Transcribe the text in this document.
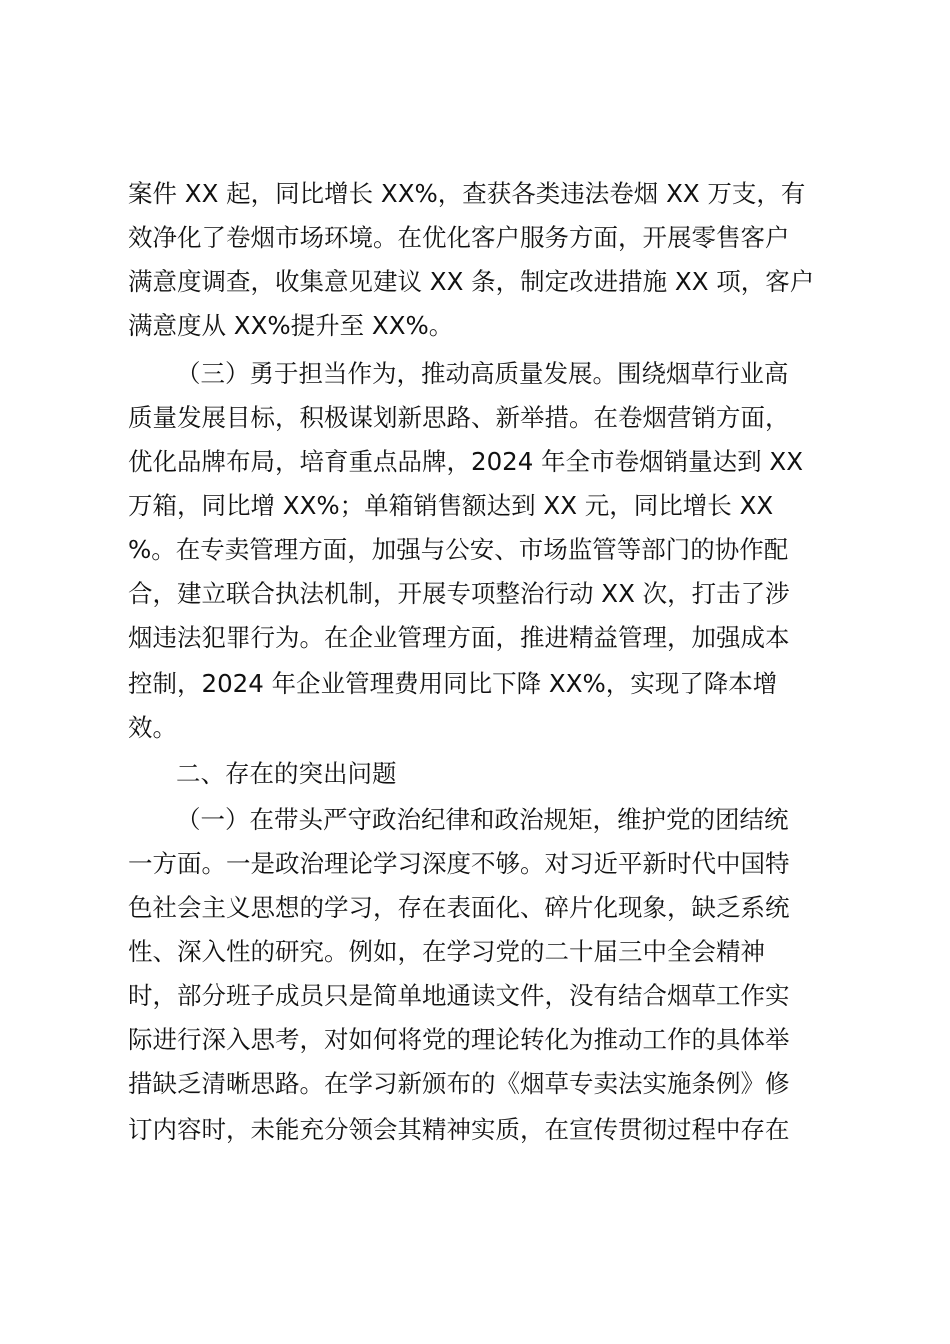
案件 XX 起，同比增长 XX%，查获各类违法卷烟 XX 万支，有
效净化了卷烟市场环境。在优化客户服务方面，开展零售客户
满意度调查，收集意见建议 XX 条，制定改进措施 XX 项，客户
满意度从 XX%提升至 XX%。
（三）勇于担当作为，推动高质量发展。围绕烟草行业高
质量发展目标，积极谋划新思路、新举措。在卷烟营销方面，
优化品牌布局，培育重点品牌，2024 年全市卷烟销量达到 XX
万箱，同比增 XX%；单箱销售额达到 XX 元，同比增长 XX
%。在专卖管理方面，加强与公安、市场监管等部门的协作配
合，建立联合执法机制，开展专项整治行动 XX 次，打击了涉
烟违法犯罪行为。在企业管理方面，推进精益管理，加强成本
控制，2024 年企业管理费用同比下降 XX%，实现了降本增
效。
二、存在的突出问题
（一）在带头严守政治纪律和政治规矩，维护党的团结统
一方面。一是政治理论学习深度不够。对习近平新时代中国特
色社会主义思想的学习，存在表面化、碎片化现象，缺乏系统
性、深入性的研究。例如，在学习党的二十届三中全会精神
时，部分班子成员只是简单地通读文件，没有结合烟草工作实
际进行深入思考，对如何将党的理论转化为推动工作的具体举
措缺乏清晰思路。在学习新颁布的《烟草专卖法实施条例》修
订内容时，未能充分领会其精神实质，在宣传贯彻过程中存在
